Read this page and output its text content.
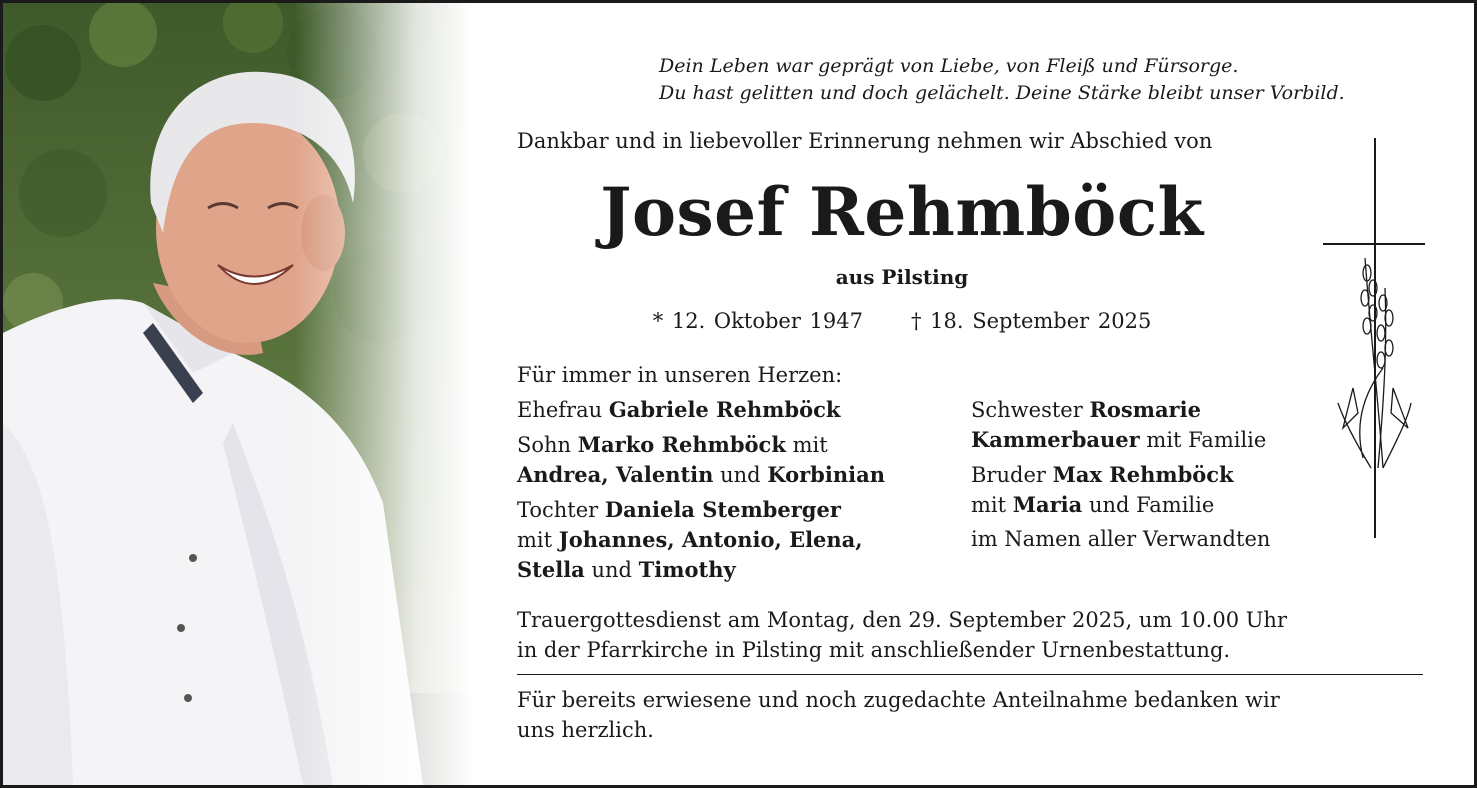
Dein Leben war geprägt von Liebe, von Fleiß und Fürsorge.
Du hast gelitten und doch gelächelt. Deine Stärke bleibt unser Vorbild.
Dankbar und in liebevoller Erinnerung nehmen wir Abschied von
Josef Rehmböck
aus Pilsting
* 12. Oktober 1947 † 18. September 2025
Für immer in unseren Herzen:
Ehefrau Gabriele Rehmböck
Sohn Marko Rehmböck mit
Andrea, Valentin und Korbinian
Tochter Daniela Stemberger
mit Johannes, Antonio, Elena,
Stella und Timothy
Schwester Rosmarie
Kammerbauer mit Familie
Bruder Max Rehmböck
mit Maria und Familie
im Namen aller Verwandten
Trauergottesdienst am Montag, den 29. September 2025, um 10.00 Uhr
in der Pfarrkirche in Pilsting mit anschließender Urnenbestattung.
Für bereits erwiesene und noch zugedachte Anteilnahme bedanken wir
uns herzlich.
